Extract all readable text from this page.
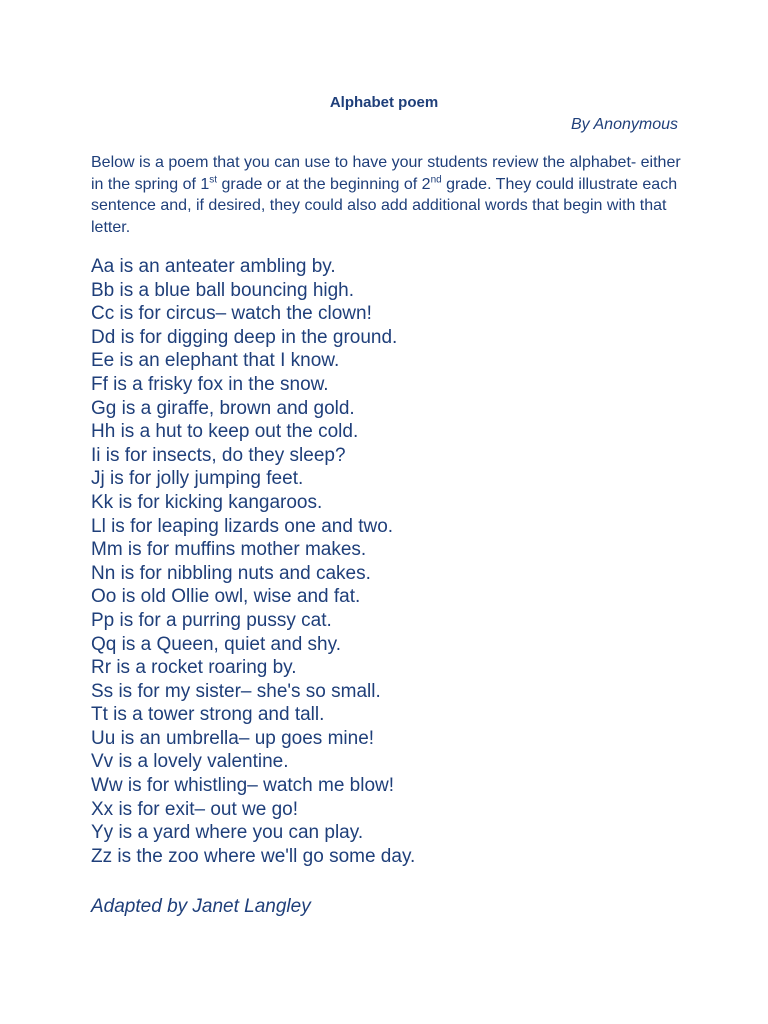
Alphabet poem
By Anonymous
Below is a poem that you can use to have your students review the alphabet- either in the spring of 1st grade or at the beginning of 2nd grade. They could illustrate each sentence and, if desired, they could also add additional words that begin with that letter.
Aa is an anteater ambling by.
Bb is a blue ball bouncing high.
Cc is for circus– watch the clown!
Dd is for digging deep in the ground.
Ee is an elephant that I know.
Ff is a frisky fox in the snow.
Gg is a giraffe, brown and gold.
Hh is a hut to keep out the cold.
Ii is for insects, do they sleep?
Jj is for jolly jumping feet.
Kk is for kicking kangaroos.
Ll is for leaping lizards one and two.
Mm is for muffins mother makes.
Nn is for nibbling nuts and cakes.
Oo is old Ollie owl, wise and fat.
Pp is for a purring pussy cat.
Qq is a Queen, quiet and shy.
Rr is a rocket roaring by.
Ss is for my sister– she's so small.
Tt is a tower strong and tall.
Uu is an umbrella– up goes mine!
Vv is a lovely valentine.
Ww is for whistling– watch me blow!
Xx is for exit– out we go!
Yy is a yard where you can play.
Zz is the zoo where we'll go some day.
Adapted by Janet Langley
